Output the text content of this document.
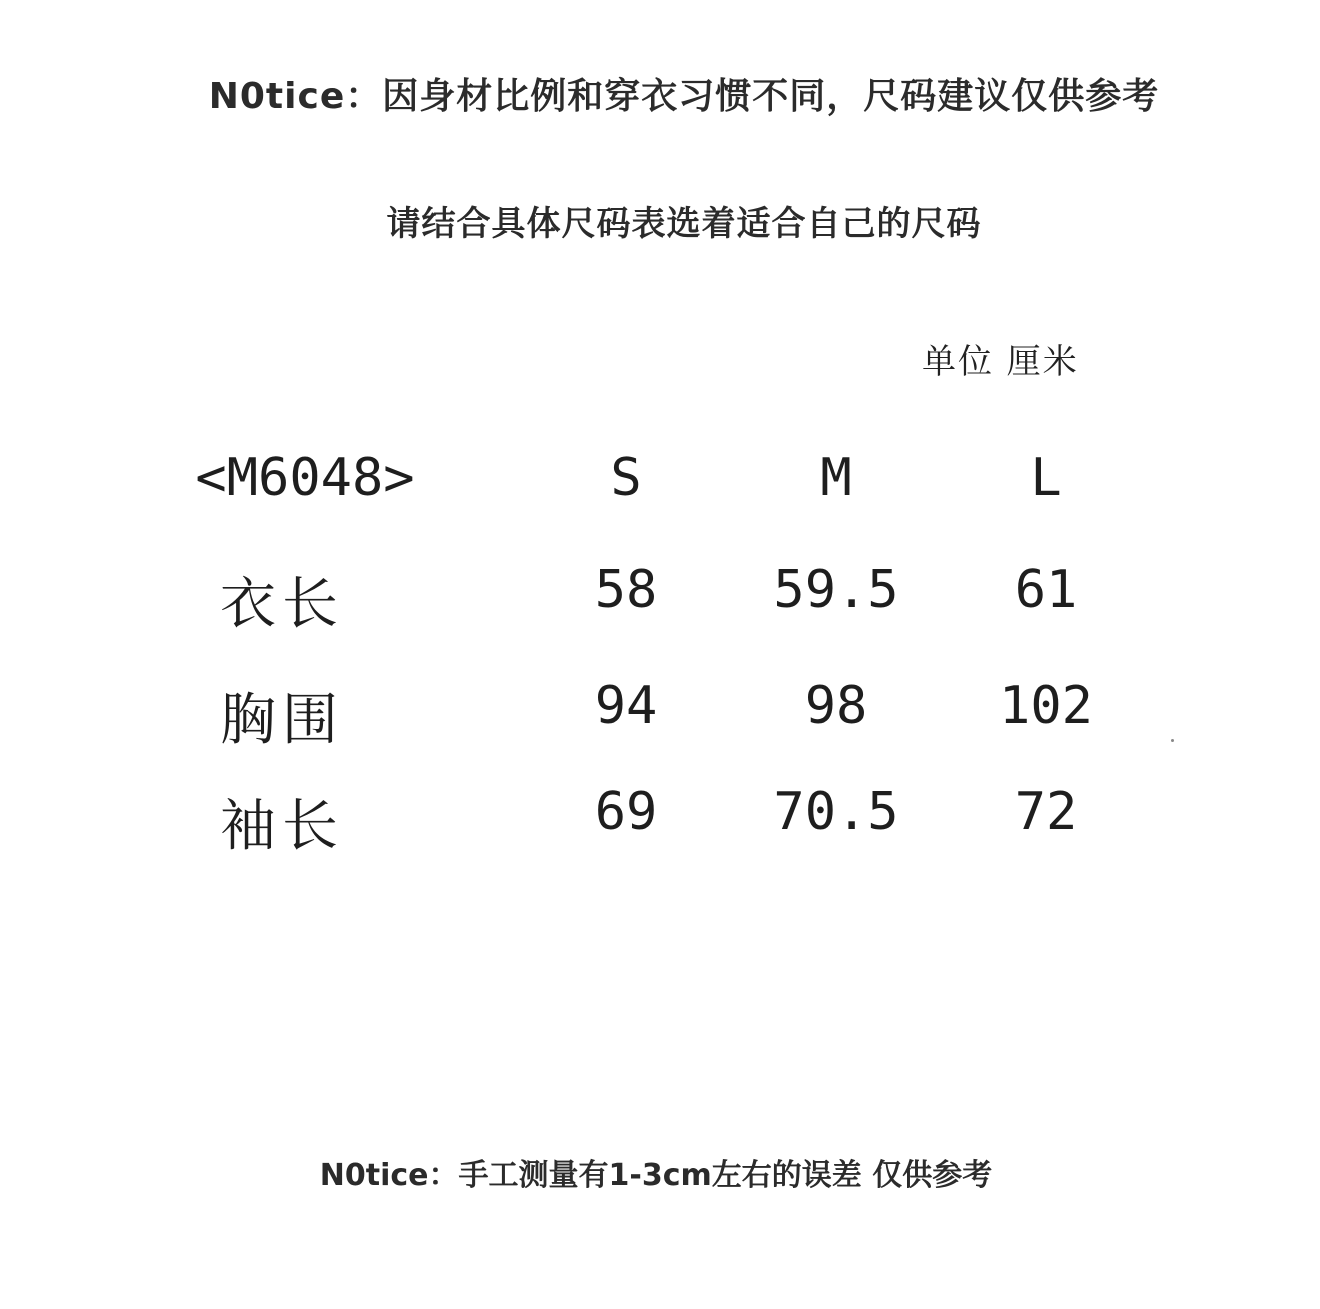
N0tice：因身材比例和穿衣习惯不同，尺码建议仅供参考
请结合具体尺码表选着适合自己的尺码
单位 厘米
<M6048>	S	M	L
衣长	58 59.5 61
胸围	94	98	102
袖长	69 70.5 72
N0tice：手工测量有1-3cm左右的误差 仅供参考
